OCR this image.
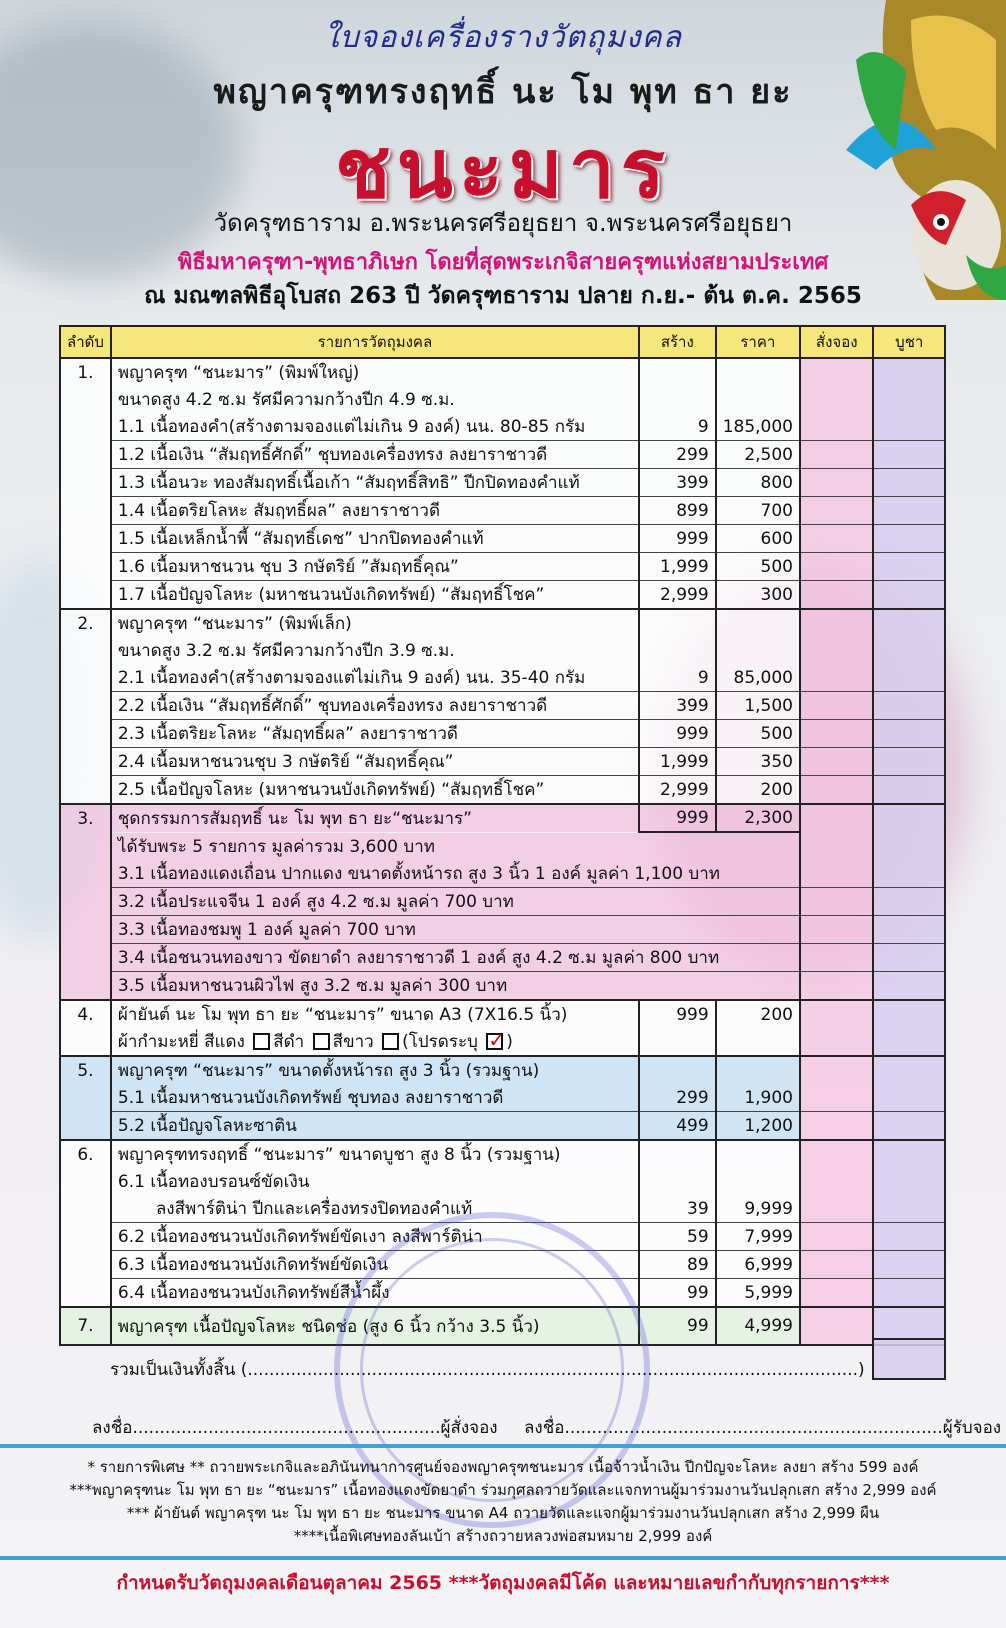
ใบจองเครื่องรางวัตถุมงคล
พญาครุฑทรงฤทธิ์ นะ โม พุท ธา ยะ
ชนะมาร
วัดครุฑธาราม อ.พระนครศรีอยุธยา จ.พระนครศรีอยุธยา
พิธีมหาครุฑา-พุทธาภิเษก โดยที่สุดพระเกจิสายครุฑแห่งสยามประเทศ
ณ มณฑลพิธีอุโบสถ 263 ปี วัดครุฑธาราม ปลาย ก.ย.- ต้น ต.ค. 2565
ลำดับ	รายการวัตถุมงคล	สร้าง	ราคา	สั่งจอง	บูชา
1.	พญาครุฑ “ชนะมาร” (พิมพ์ใหญ่)				
	ขนาดสูง 4.2 ซ.ม รัศมีความกว้างปีก 4.9 ซ.ม.				
	1.1 เนื้อทองคำ(สร้างตามจองแต่ไม่เกิน 9 องค์) นน. 80-85 กรัม	9	185,000		
	1.2 เนื้อเงิน “สัมฤทธิ์ศักดิ์” ชุบทองเครื่องทรง ลงยาราชาวดี	299	2,500		
	1.3 เนื้อนวะ ทองสัมฤทธิ์เนื้อเก้า “สัมฤทธิ์สิทธิ” ปีกปิดทองคำแท้	399	800		
	1.4 เนื้อตริยโลหะ สัมฤทธิ์ผล” ลงยาราชาวดี	899	700		
	1.5 เนื้อเหล็กน้ำพี้ “สัมฤทธิ์เดช” ปากปิดทองคำแท้	999	600		
	1.6 เนื้อมหาชนวน ชุบ 3 กษัตริย์ ”สัมฤทธิ์คุณ”	1,999	500		
	1.7 เนื้อปัญจโลหะ (มหาชนวนบังเกิดทรัพย์) “สัมฤทธิ์โชค”	2,999	300		
2.	พญาครุฑ “ชนะมาร” (พิมพ์เล็ก)				
	ขนาดสูง 3.2 ซ.ม รัศมีความกว้างปีก 3.9 ซ.ม.				
	2.1 เนื้อทองคำ(สร้างตามจองแต่ไม่เกิน 9 องค์) นน. 35-40 กรัม	9	85,000		
	2.2 เนื้อเงิน “สัมฤทธิ์ศักดิ์” ชุบทองเครื่องทรง ลงยาราชาวดี	399	1,500		
	2.3 เนื้อตริยะโลหะ “สัมฤทธิ์ผล” ลงยาราชาวดี	999	500		
	2.4 เนื้อมหาชนวนชุบ 3 กษัตริย์ “สัมฤทธิ์คุณ”	1,999	350		
	2.5 เนื้อปัญจโลหะ (มหาชนวนบังเกิดทรัพย์) “สัมฤทธิ์โชค”	2,999	200		
3.	ชุดกรรมการสัมฤทธิ์ นะ โม พุท ธา ยะ“ชนะมาร”	999	2,300		
	ได้รับพระ 5 รายการ มูลค่ารวม 3,600 บาท				
	3.1 เนื้อทองแดงเถื่อน ปากแดง ขนาดตั้งหน้ารถ สูง 3 นิ้ว 1 องค์ มูลค่า 1,100 บาท				
	3.2 เนื้อประแจจีน 1 องค์ สูง 4.2 ซ.ม มูลค่า 700 บาท				
	3.3 เนื้อทองชมพู 1 องค์ มูลค่า 700 บาท				
	3.4 เนื้อชนวนทองขาว ขัดยาดำ ลงยาราชาวดี 1 องค์ สูง 4.2 ซ.ม มูลค่า 800 บาท				
	3.5 เนื้อมหาชนวนผิวไฟ สูง 3.2 ซ.ม มูลค่า 300 บาท				
4.	ผ้ายันต์ นะ โม พุท ธา ยะ “ชนะมาร” ขนาด A3 (7X16.5 นิ้ว)	999	200		
	ผ้ากำมะหยี่ สีแดง สีดำ สีขาว (โปรดระบุ ✓ )				
5.	พญาครุฑ “ชนะมาร” ขนาดตั้งหน้ารถ สูง 3 นิ้ว (รวมฐาน)				
	5.1 เนื้อมหาชนวนบังเกิดทรัพย์ ชุบทอง ลงยาราชาวดี	299	1,900		
	5.2 เนื้อปัญจโลหะซาติน	499	1,200		
6.	พญาครุฑทรงฤทธิ์ “ชนะมาร” ขนาดบูชา สูง 8 นิ้ว (รวมฐาน)				
	6.1 เนื้อทองบรอนซ์ขัดเงิน				
	ลงสีพาร์ติน่า ปีกและเครื่องทรงปิดทองคำแท้	39	9,999		
	6.2 เนื้อทองชนวนบังเกิดทรัพย์ขัดเงา ลงสีพาร์ติน่า	59	7,999		
	6.3 เนื้อทองชนวนบังเกิดทรัพย์ขัดเงิน	89	6,999		
	6.4 เนื้อทองชนวนบังเกิดทรัพย์สีน้ำผึ้ง	99	5,999		
7.	พญาครุฑ เนื้อปัญจโลหะ ชนิดช่อ (สูง 6 นิ้ว กว้าง 3.5 นิ้ว)	99	4,999		
รวมเป็นเงินทั้งสิ้น (.................................................................................................................)
ลงชื่อ.........................................................ผู้สั่งจอง ลงชื่อ......................................................................ผู้รับจอง
* รายการพิเศษ ** ถวายพระเกจิและอภินันทนาการศูนย์จองพญาครุฑชนะมาร เนื้อจ้าวน้ำเงิน ปีกปัญจะโลหะ ลงยา สร้าง 599 องค์
***พญาครุฑนะ โม พุท ธา ยะ “ชนะมาร” เนื้อทองแดงขัดยาดำ ร่วมกุศลถวายวัดและแจกทานผู้มาร่วมงานวันปลุกเสก สร้าง 2,999 องค์
*** ผ้ายันต์ พญาครุฑ นะ โม พุท ธา ยะ ชนะมาร ขนาด A4 ถวายวัดและแจกผู้มาร่วมงานวันปลุกเสก สร้าง 2,999 ผืน
****เนื้อพิเศษทองลันเบ้า สร้างถวายหลวงพ่อสมหมาย 2,999 องค์
กำหนดรับวัตถุมงคลเดือนตุลาคม 2565 ***วัตถุมงคลมีโค้ด และหมายเลขกำกับทุกรายการ***
